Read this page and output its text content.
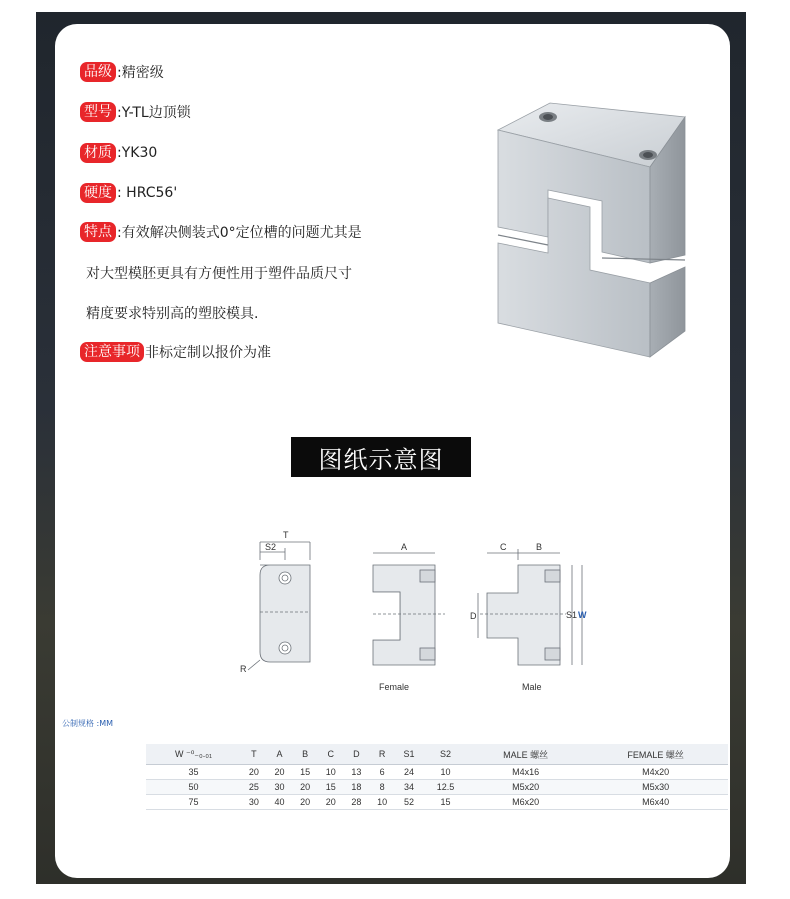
品级 :精密级
型号 :Y-TL边顶锁
材质 :YK30
硬度 : HRC56'
特点 :有效解决侧装式0°定位槽的问题尤其是
对大型模胚更具有方便性用于塑件品质尺寸
精度要求特别高的塑胶模具.
注意事项 非标定制以报价为准
图纸示意图
T
S2
R
A
Female
C	B
D	S1 W
Male
公制规格 :MM
W ⁻⁰₋₀.₀₁	T	A	B	C	D	R	S1	S2	MALE 螺丝	FEMALE 螺丝
35	20	20	15	10	13	6	24	10	M4x16	M4x20
50	25	30	20	15	18	8	34	12.5	M5x20	M5x30
75	30	40	20	20	28	10	52	15	M6x20	M6x40
